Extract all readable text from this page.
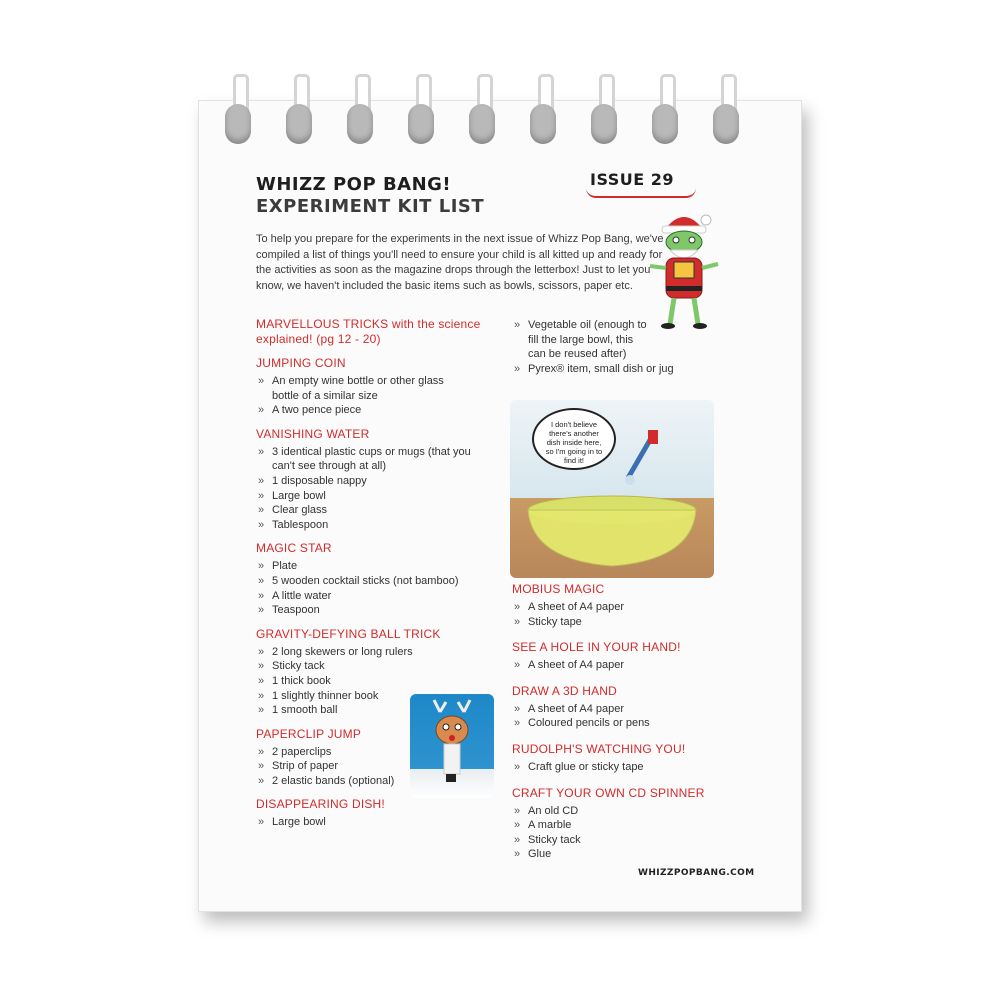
WHIZZ POP BANG!
EXPERIMENT KIT LIST
ISSUE 29

To help you prepare for the experiments in the next issue of Whizz Pop Bang, we've compiled a list of things you'll need to ensure your child is all kitted up and ready for the activities as soon as the magazine drops through the letterbox! Just to let you know, we haven't included the basic items such as bowls, scissors, paper etc.

MARVELLOUS TRICKS with the science explained! (pg 12 - 20)
JUMPING COIN
» An empty wine bottle or other glass bottle of a similar size
» A two pence piece
VANISHING WATER
» 3 identical plastic cups or mugs (that you can't see through at all)
» 1 disposable nappy
» Large bowl
» Clear glass
» Tablespoon
MAGIC STAR
» Plate
» 5 wooden cocktail sticks (not bamboo)
» A little water
» Teaspoon
GRAVITY-DEFYING BALL TRICK
» 2 long skewers or long rulers
» Sticky tack
» 1 thick book
» 1 slightly thinner book
» 1 smooth ball
PAPERCLIP JUMP
» 2 paperclips
» Strip of paper
» 2 elastic bands (optional)
DISAPPEARING DISH!
» Large bowl
» Vegetable oil (enough to fill the large bowl, this can be reused after)
» Pyrex® item, small dish or jug
I don't believe there's another dish inside here, so I'm going in to find it!
MOBIUS MAGIC
» A sheet of A4 paper
» Sticky tape
SEE A HOLE IN YOUR HAND!
» A sheet of A4 paper
DRAW A 3D HAND
» A sheet of A4 paper
» Coloured pencils or pens
RUDOLPH'S WATCHING YOU!
» Craft glue or sticky tape
CRAFT YOUR OWN CD SPINNER
» An old CD
» A marble
» Sticky tack
» Glue
WHIZZPOPBANG.COM
